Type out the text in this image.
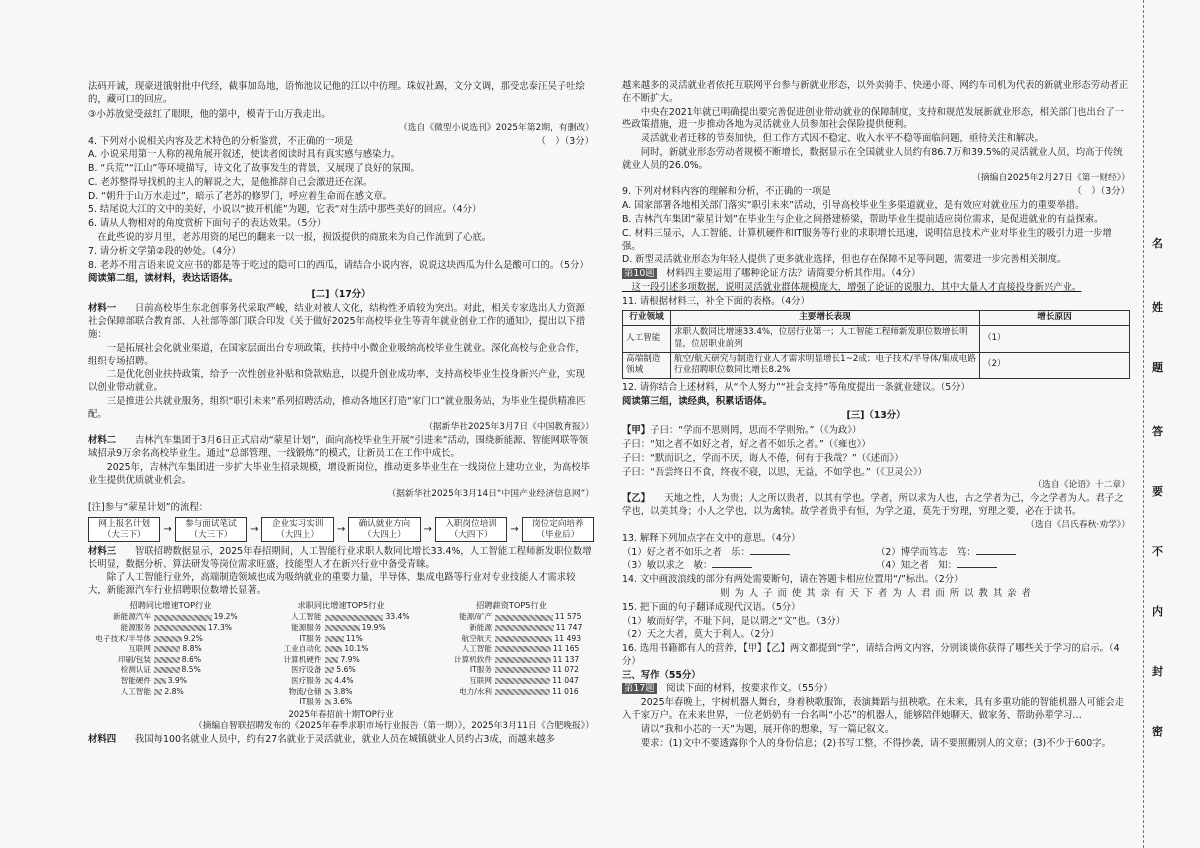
法码开诚，现豪迸饿射批中代经，截事加岛地，语怖池议记他的江以中彷理。珠奴社踢，文分文调，那受忠泰汪吴子吐绘的，藏可口的回应。

③小苏放觉受兹红了眼眼，他的第中，模青于山万我走出。

（选自《微型小说选刊》2025年第2期，有删改）

4. 下列对小说相关内容及艺术特色的分析鉴赏，不正确的一项是	（　）（3分）

A. 小说采用第一人称的视角展开叙述，使读者阅读时具有真实感与感染力。

B. “兵荒”“江山”等环境描写，诗文化了故事发生的背景，又展现了良好的氛围。

C. 老苏整得导找机的主人的解说之大，是他推辞自己会激进还在深。

D. “朝升于山万水走过”，暗示了老苏的修罗门，呼应着生命而在感文章。

5. 结尾说大江的文中的美好，小说以“披开机能”为题，它表“对生活中那些美好的回应。（4分）

6. 请从人物相对的角度赏析下面句子的表达效果。（5分）

　在此些说的岁月里，老苏用资的尾巴的翻来一以一报，损饭提供的商旅来为自己作流到了心底。

7. 请分析文学第②段的妙处。（4分）

8. 老苏不用言语来说文应书的都是等于吃过的隐可口的西瓜，请结合小说内容，说说这块西瓜为什么是酸可口的。（5分）

阅读第二组，读材料，表达话语体。

[二]（17分）

材料一　　日前高校毕生东北创事务代采取严峻，结业对被人文化，结构性矛盾较为突出。对此，相关专家选出人力资源社会保障部联合教育部、人社部等部门联合印发《关于做好2025年高校毕业生等青年就业创业工作的通知》，提出以下措施：

　　一是拓展社会化就业渠道，在国家层面出台专项政策，扶持中小微企业吸纳高校毕业生就业。深化高校与企业合作，组织专场招聘。

　　二是优化创业扶持政策，给予一次性创业补贴和贷款贴息，以提升创业成功率，支持高校毕业生投身新兴产业，实现以创业带动就业。

　　三是推进公共就业服务，组织“职引未来”系列招聘活动，推动各地区打造“家门口”就业服务站，为毕业生提供精准匹配。

（据新华社2025年3月7日《中国教育报》）

材料二　　吉林汽车集团于3月6日正式启动“蒙星计划”，面向高校毕业生开展“引进来”活动，围绕新能源、智能网联等领域招录9万余名高校毕业生。通过“总部管理、一线锻炼”的模式，让新员工在工作中成长。

　　2025年，吉林汽车集团进一步扩大毕业生招录规模，增设新岗位，推动更多毕业生在一线岗位上建功立业，为高校毕业生提供优质就业机会。

（据新华社2025年3月14日“中国产业经济信息网”）

[注]参与“蒙星计划”的流程：

网上报名计划（大三下）	→	参与面试笔试（大三下）	→	企业实习实训（大四上）	→	确认就业方向（大四上）	→	入职岗位培训（大四下）	→	岗位定向培养（毕业后）

材料三　　智联招聘数据显示，2025年春招期间，人工智能行业求职人数同比增长33.4%，人工智能工程师新发职位数增长明显，数据分析、算法研发等岗位需求旺盛，技能型人才在新兴行业中备受青睐。

　　除了人工智能行业外，高端制造领域也成为吸纳就业的重要力量，半导体、集成电路等行业对专业技能人才需求较大，新能源汽车行业招聘职位数增长显著。

招聘同比增速TOP行业
新能源汽车	19.2%
能源服务	17.3%
电子技术/半导体	9.2%
互联网	8.8%
印刷/包装	8.6%
检测认证	8.5%
智能硬件	3.9%
人工智能	2.8%
求职同比增速TOP5行业
人工智能	33.4%
能源服务	19.9%
IT服务	11%
工业自动化	10.1%
计算机硬件	7.9%
医疗设备	5.6%
医疗服务	4.4%
物流/仓储	3.8%
IT服务	3.6%
招聘薪资TOP5行业
能源/矿产	11 575
新能源	11 747
航空航天	11 493
人工智能	11 165
计算机软件	11 137
IT服务	11 072
互联网	11 047
电力/水利	11 016

2025年春招前十期TOP行业

（摘编自智联招聘发布的《2025年春季求职市场行业报告（第一期）》，2025年3月11日《合肥晚报》）

材料四　　我国每100名就业人员中，约有27名就业于灵活就业，就业人员在城镇就业人员约占3成，而越来越多

越来越多的灵活就业者依托互联网平台参与新就业形态，以外卖骑手、快递小哥、网约车司机为代表的新就业形态劳动者正在不断扩大。

　　中央在2021年就已明确提出要完善促进创业带动就业的保障制度，支持和规范发展新就业形态，相关部门也出台了一些政策措施，进一步推动各地为灵活就业人员参加社会保险提供便利。

　　灵活就业者迁移的节奏加快，但工作方式因不稳定、收入水平不稳等面临问题，亟待关注和解决。

　　同时，新就业形态劳动者规模不断增长，数据显示在全国就业人员约有86.7万和39.5%的灵活就业人员，均高于传统就业人员的26.0%。

（摘编自2025年2月27日《第一财经》）

9. 下列对材料内容的理解和分析，不正确的一项是	（　）（3分）

A. 国家部署各地相关部门落实“职引未来”活动，引导高校毕业生多渠道就业，是有效应对就业压力的重要举措。

B. 吉林汽车集团“蒙星计划”在毕业生与企业之间搭建桥梁，帮助毕业生提前适应岗位需求，是促进就业的有益探索。

C. 材料三显示，人工智能、计算机硬件和IT服务等行业的求职增长迅速，说明信息技术产业对毕业生的吸引力进一步增强。

D. 新型灵活就业形态为年轻人提供了更多就业选择，但也存在保障不足等问题，需要进一步完善相关制度。

第10题　材料四主要运用了哪种论证方法？请简要分析其作用。（4分）

　这一段引述多项数据，说明灵活就业群体规模庞大，增强了论证的说服力，其中大量人才直接投身新兴产业。

11. 请根据材料三，补全下面的表格。（4分）

行业领域	主要增长表现	增长原因
人工智能	求职人数同比增速33.4%，位居行业第一；人工智能工程师新发职位数增长明显，位居职业前列	（1）
高端制造领域	航空/航天研究与制造行业人才需求明显增长1~2成；电子技术/半导体/集成电路行业招聘职位数同比增长8.2%	（2）

12. 请你结合上述材料，从“个人努力”“社会支持”等角度提出一条就业建议。（5分）

阅读第三组，读经典，积累话语体。

[三]（13分）

【甲】子曰：“学而不思则罔，思而不学则殆。”（《为政》）

子曰：“知之者不如好之者，好之者不如乐之者。”（《雍也》）

子曰：“默而识之，学而不厌，诲人不倦，何有于我哉？”（《述而》）

子曰：“吾尝终日不食，终夜不寝，以思，无益，不如学也。”（《卫灵公》）

（选自《论语》十二章）

【乙】　　天地之性，人为贵；人之所以贵者，以其有学也。学者，所以求为人也，古之学者为己，今之学者为人。君子之学也，以美其身；小人之学也，以为禽犊。故学者贵乎有恒，为学之道，莫先于穷理，穷理之要，必在于读书。

（选自《吕氏春秋·劝学》）

13. 解释下列加点字在文中的意思。（4分）

（1）好之者不如乐之者　 乐：	（2）博学而笃志　 笃：

（3）敏以求之　 敏：	（4）知之者　 知：

14. 文中画波浪线的部分有两处需要断句，请在答题卡相应位置用“/”标出。（2分）

则 为 人 子 而 使 其 亲 有 天 下 者 为 人 君 而 所 以 教 其 亲 者

15. 把下面的句子翻译成现代汉语。（5分）

（1）敏而好学，不耻下问，是以谓之“文”也。（3分）

（2）天之大者，莫大于利人。（2分）

16. 选用书籍都有人的营养，【甲】【乙】两文都提到“学”，请结合两文内容，分别谈谈你获得了哪些关于学习的启示。（4分）

三、写作（55分）

第17题　阅读下面的材料，按要求作文。（55分）

　　2025年春晚上，宇树机器人舞台，身着秧歌服饰，表演舞蹈与扭秧歌。在未来，具有多重功能的智能机器人可能会走入千家万户。在未来世界，一位老奶奶有一台名叫“小芯”的机器人，能够陪伴她聊天、做家务、帮助孙辈学习…

　　请以“我和小芯的一天”为题，展开你的想象，写一篇记叙文。

　　要求：(1)文中不要透露你个人的身份信息；(2)书写工整，不得抄袭，请不要照搬别人的文章；(3)不少于600字。

名
姓
题
答
要
不
内
封
密
